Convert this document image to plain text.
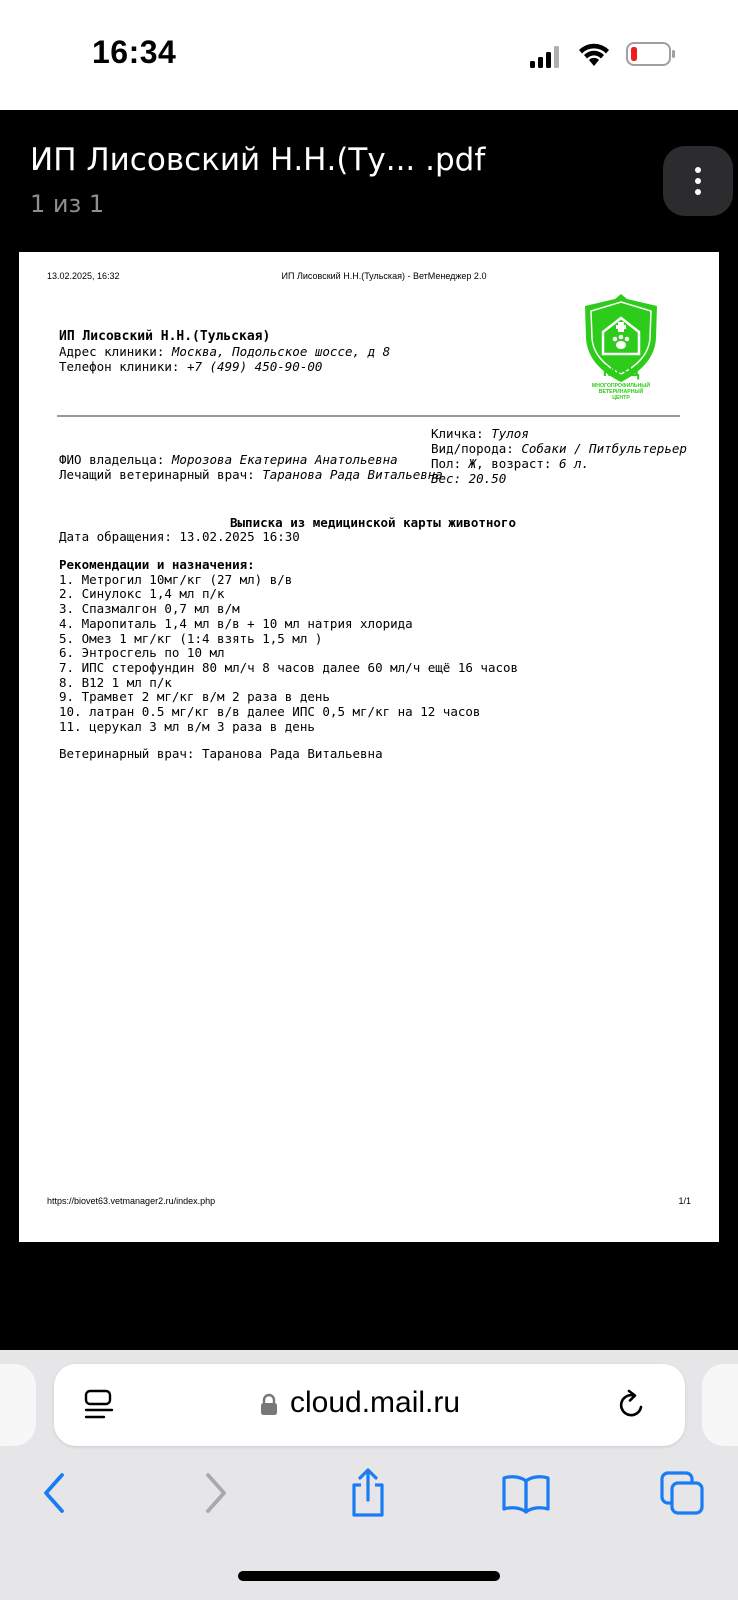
16:34
ИП Лисовский Н.Н.(Ту... .pdf
1 из 1
13.02.2025, 16:32	ИП Лисовский Н.Н.(Тульская) - ВетМенеджер 2.0
ИП Лисовский Н.Н.(Тульская)
Адрес клиники: Москва, Подольское шоссе, д 8
Телефон клиники: +7 (499) 450-90-00	МВЦ
МНОГОПРОФИЛЬНЫЙ
ВЕТЕРИНАРНЫЙ
ЦЕНТР
ФИО владельца: Морозова Екатерина Анатольевна
Лечащий ветеринарный врач: Таранова Рада Витальевна
Кличка: Тулоя
Вид/порода: Собаки / Питбультерьер
Пол: Ж, возраст: 6 л.
Вес: 20.50
Выписка из медицинской карты животного
Дата обращения: 13.02.2025 16:30
Рекомендации и назначения:
1. Метрогил 10мг/кг (27 мл) в/в
2. Синулокс 1,4 мл п/к
3. Спазмалгон 0,7 мл в/м
4. Маропиталь 1,4 мл в/в + 10 мл натрия хлорида
5. Омез 1 мг/кг (1:4 взять 1,5 мл )
6. Энтросгель по 10 мл
7. ИПС стерофундин 80 мл/ч 8 часов далее 60 мл/ч ещё 16 часов
8. В12 1 мл п/к
9. Трамвет 2 мг/кг в/м 2 раза в день
10. латран 0.5 мг/кг в/в далее ИПС 0,5 мг/кг на 12 часов
11. церукал 3 мл в/м 3 раза в день
Ветеринарный врач: Таранова Рада Витальевна
https://biovet63.vetmanager2.ru/index.php	1/1
cloud.mail.ru
